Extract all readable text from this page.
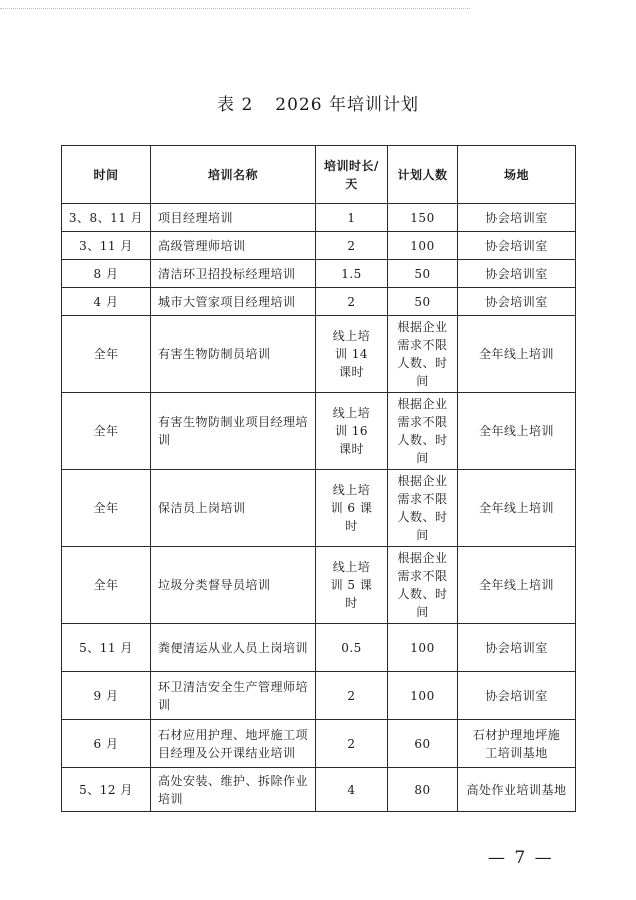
表 2 2026 年培训计划
时间	培训名称	培训时长/天	计划人数	场地
3、8、11 月	项目经理培训	1	150	协会培训室
3、11 月	高级管理师培训	2	100	协会培训室
8 月	清洁环卫招投标经理培训	1.5	50	协会培训室
4 月	城市大管家项目经理培训	2	50	协会培训室
全年	有害生物防制员培训	线上培训 14 课时	根据企业需求不限人数、时间	全年线上培训
全年	有害生物防制业项目经理培训	线上培训 16 课时	根据企业需求不限人数、时间	全年线上培训
全年	保洁员上岗培训	线上培训 6 课时	根据企业需求不限人数、时间	全年线上培训
全年	垃圾分类督导员培训	线上培训 5 课时	根据企业需求不限人数、时间	全年线上培训
5、11 月	粪便清运从业人员上岗培训	0.5	100	协会培训室
9 月	环卫清洁安全生产管理师培训	2	100	协会培训室
6 月	石材应用护理、地坪施工项目经理及公开课结业培训	2	60	石材护理地坪施工培训基地
5、12 月	高处安装、维护、拆除作业培训	4	80	高处作业培训基地
— 7 —
